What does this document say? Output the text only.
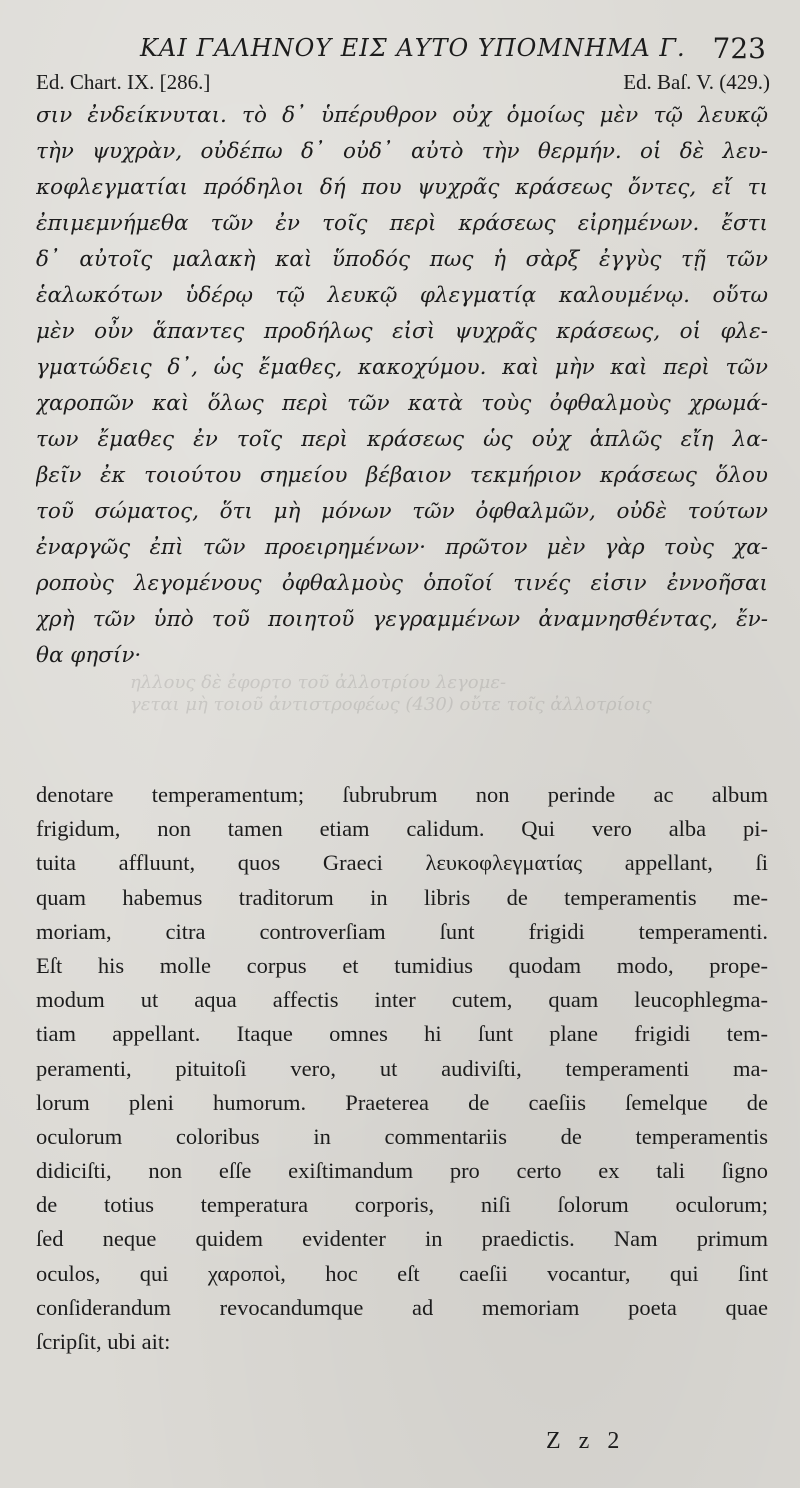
ΚΑΙ ΓΑΛΗΝΟΥ ΕΙΣ ΑΥΤΟ ΥΠΟΜΝΗΜΑ Γ. 723
Ed. Chart. IX. [286.]	Ed. Baſ. V. (429.)
σιν ἐνδείκνυται. τὸ δ᾽ ὑπέρυθρον οὐχ ὁμοίως μὲν τῷ λευκῷ
τὴν ψυχρὰν, οὐδέπω δ᾽ οὐδ᾽ αὐτὸ τὴν θερμήν. οἱ δὲ λευ-
κοφλεγματίαι πρόδηλοι δή που ψυχρᾶς κράσεως ὄντες, εἴ τι
ἐπιμεμνήμεθα τῶν ἐν τοῖς περὶ κράσεως εἰρημένων. ἔστι
δ᾽ αὐτοῖς μαλακὴ καὶ ὕποδός πως ἡ σὰρξ ἐγγὺς τῇ τῶν
ἑαλωκότων ὑδέρῳ τῷ λευκῷ φλεγματίᾳ καλουμένῳ. οὕτω
μὲν οὖν ἅπαντες προδήλως εἰσὶ ψυχρᾶς κράσεως, οἱ φλε-
γματώδεις δ᾽, ὡς ἔμαθες, κακοχύμου. καὶ μὴν καὶ περὶ τῶν
χαροπῶν καὶ ὅλως περὶ τῶν κατὰ τοὺς ὀφθαλμοὺς χρωμά-
των ἔμαθες ἐν τοῖς περὶ κράσεως ὡς οὐχ ἁπλῶς εἴη λα-
βεῖν ἐκ τοιούτου σημείου βέβαιον τεκμήριον κράσεως ὅλου
τοῦ σώματος, ὅτι μὴ μόνων τῶν ὀφθαλμῶν, οὐδὲ τούτων
ἐναργῶς ἐπὶ τῶν προειρημένων· πρῶτον μὲν γὰρ τοὺς χα-
ροποὺς λεγομένους ὀφθαλμοὺς ὁποῖοί τινές εἰσιν ἐννοῆσαι
χρὴ τῶν ὑπὸ τοῦ ποιητοῦ γεγραμμένων ἀναμνησθέντας, ἔν-
θα φησίν·
ηλλους δὲ ἐφορτο τοῦ ἀλλοτρίου λεγομε-
γεται μὴ τοιοῦ ἀντιστροφέως (430) οὔτε τοῖς ἀλλοτρίοις
denotare temperamentum; ſubrubrum non perinde ac album
frigidum, non tamen etiam calidum. Qui vero alba pi-
tuita affluunt, quos Graeci λευκοφλεγματίας appellant, ſi
quam habemus traditorum in libris de temperamentis me-
moriam, citra controverſiam ſunt frigidi temperamenti.
Eſt his molle corpus et tumidius quodam modo, prope-
modum ut aqua affectis inter cutem, quam leucophlegma-
tiam appellant. Itaque omnes hi ſunt plane frigidi tem-
peramenti, pituitoſi vero, ut audiviſti, temperamenti ma-
lorum pleni humorum. Praeterea de caeſiis ſemelque de
oculorum coloribus in commentariis de temperamentis
didiciſti, non eſſe exiſtimandum pro certo ex tali ſigno
de totius temperatura corporis, niſi ſolorum oculorum;
ſed neque quidem evidenter in praedictis. Nam primum
oculos, qui χαροποὶ, hoc eſt caeſii vocantur, qui ſint
conſiderandum revocandumque ad memoriam poeta quae
ſcripſit, ubi ait:
Z z 2
